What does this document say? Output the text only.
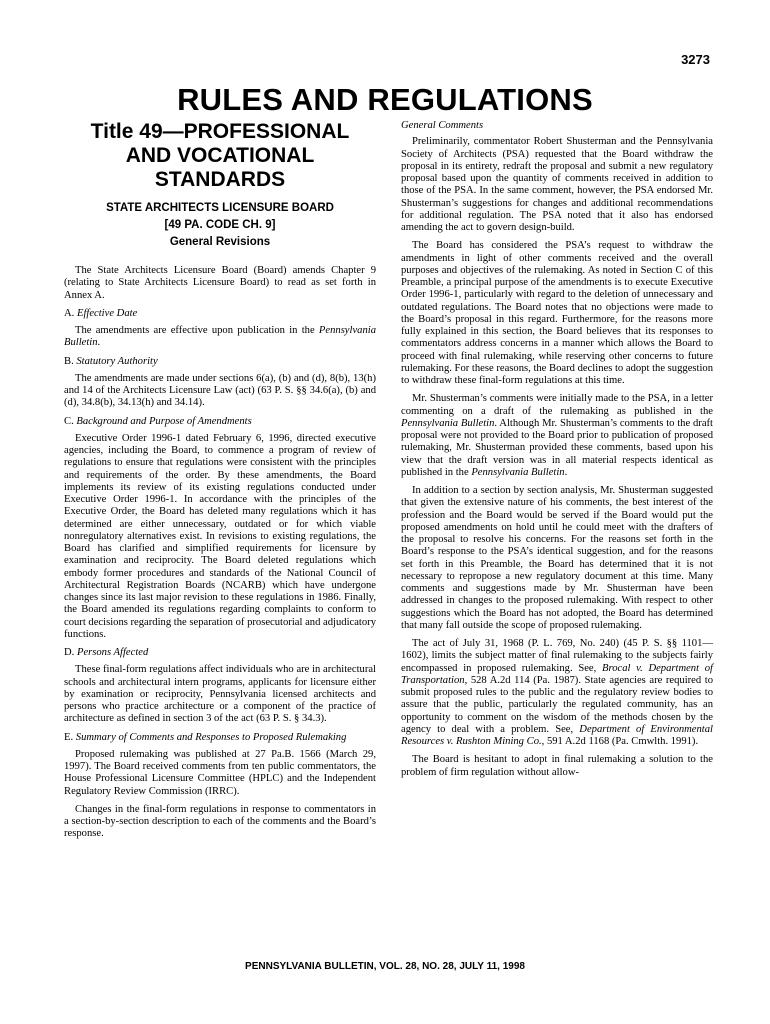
3273
RULES AND REGULATIONS
Title 49—PROFESSIONAL
AND VOCATIONAL
STANDARDS
STATE ARCHITECTS LICENSURE BOARD
[49 PA. CODE CH. 9]
General Revisions

The State Architects Licensure Board (Board) amends Chapter 9 (relating to State Architects Licensure Board) to read as set forth in Annex A.

A. Effective Date

The amendments are effective upon publication in the Pennsylvania Bulletin.

B. Statutory Authority

The amendments are made under sections 6(a), (b) and (d), 8(b), 13(h) and 14 of the Architects Licensure Law (act) (63 P. S. §§ 34.6(a), (b) and (d), 34.8(b), 34.13(h) and 34.14).

C. Background and Purpose of Amendments

Executive Order 1996-1 dated February 6, 1996, directed executive agencies, including the Board, to commence a program of review of regulations to ensure that regulations were consistent with the principles and requirements of the order. By these amendments, the Board implements its review of its existing regulations conducted under Executive Order 1996-1. In accordance with the principles of the Executive Order, the Board has deleted many regulations which it has determined are either unnecessary, outdated or for which viable nonregulatory alternatives exist. In revisions to existing regulations, the Board has clarified and simplified requirements for licensure by examination and reciprocity. The Board deleted regulations which embody former procedures and standards of the National Council of Architectural Registration Boards (NCARB) which have undergone changes since its last major revision to these regulations in 1986. Finally, the Board amended its regulations regarding complaints to conform to court decisions regarding the separation of prosecutorial and adjudicatory functions.

D. Persons Affected

These final-form regulations affect individuals who are in architectural schools and architectural intern programs, applicants for licensure either by examination or reciprocity, Pennsylvania licensed architects and persons who practice architecture or a component of the practice of architecture as defined in section 3 of the act (63 P. S. § 34.3).

E. Summary of Comments and Responses to Proposed Rulemaking

Proposed rulemaking was published at 27 Pa.B. 1566 (March 29, 1997). The Board received comments from ten public commentators, the House Professional Licensure Committee (HPLC) and the Independent Regulatory Review Commission (IRRC).

Changes in the final-form regulations in response to commentators in a section-by-section description to each of the comments and the Board’s response.

General Comments

Preliminarily, commentator Robert Shusterman and the Pennsylvania Society of Architects (PSA) requested that the Board withdraw the proposal in its entirety, redraft the proposal and submit a new regulatory proposal based upon the quantity of comments received in addition to those of the PSA. In the same comment, however, the PSA endorsed Mr. Shusterman’s suggestions for changes and additional recommendations for additional regulation. The PSA noted that it also has endorsed amending the act to govern design-build.

The Board has considered the PSA’s request to withdraw the amendments in light of other comments received and the overall purposes and objectives of the rulemaking. As noted in Section C of this Preamble, a principal purpose of the amendments is to execute Executive Order 1996-1, particularly with regard to the deletion of unnecessary and outdated regulations. The Board notes that no objections were made to the Board’s proposal in this regard. Furthermore, for the reasons more fully explained in this section, the Board believes that its responses to commentators address concerns in a manner which allows the Board to proceed with final rulemaking, while reserving other concerns to future rulemaking. For these reasons, the Board declines to adopt the suggestion to withdraw these final-form regulations at this time.

Mr. Shusterman’s comments were initially made to the PSA, in a letter commenting on a draft of the rulemaking as published in the Pennsylvania Bulletin. Although Mr. Shusterman’s comments to the draft proposal were not provided to the Board prior to publication of proposed rulemaking, Mr. Shusterman provided these comments, based upon his view that the draft version was in all material respects identical as published in the Pennsylvania Bulletin.

In addition to a section by section analysis, Mr. Shusterman suggested that given the extensive nature of his comments, the best interest of the profession and the Board would be served if the Board would put the proposed amendments on hold until he could meet with the drafters of the proposal to resolve his concerns. For the reasons set forth in the Board’s response to the PSA’s identical suggestion, and for the reasons set forth in this Preamble, the Board has determined that it is not necessary to repropose a new regulatory document at this time. Many comments and suggestions made by Mr. Shusterman have been addressed in changes to the proposed rulemaking. With respect to other suggestions which the Board has not adopted, the Board has determined that many fall outside the scope of proposed rulemaking.

The act of July 31, 1968 (P. L. 769, No. 240) (45 P. S. §§ 1101—1602), limits the subject matter of final rulemaking to the subjects fairly encompassed in proposed rulemaking. See, Brocal v. Department of Transportation, 528 A.2d 114 (Pa. 1987). State agencies are required to submit proposed rules to the public and the regulatory review bodies to assure that the public, particularly the regulated community, has an opportunity to comment on the wisdom of the methods chosen by the agency to deal with a problem. See, Department of Environmental Resources v. Rushton Mining Co., 591 A.2d 1168 (Pa. Cmwlth. 1991).

The Board is hesitant to adopt in final rulemaking a solution to the problem of firm regulation without allow-

PENNSYLVANIA BULLETIN, VOL. 28, NO. 28, JULY 11, 1998
